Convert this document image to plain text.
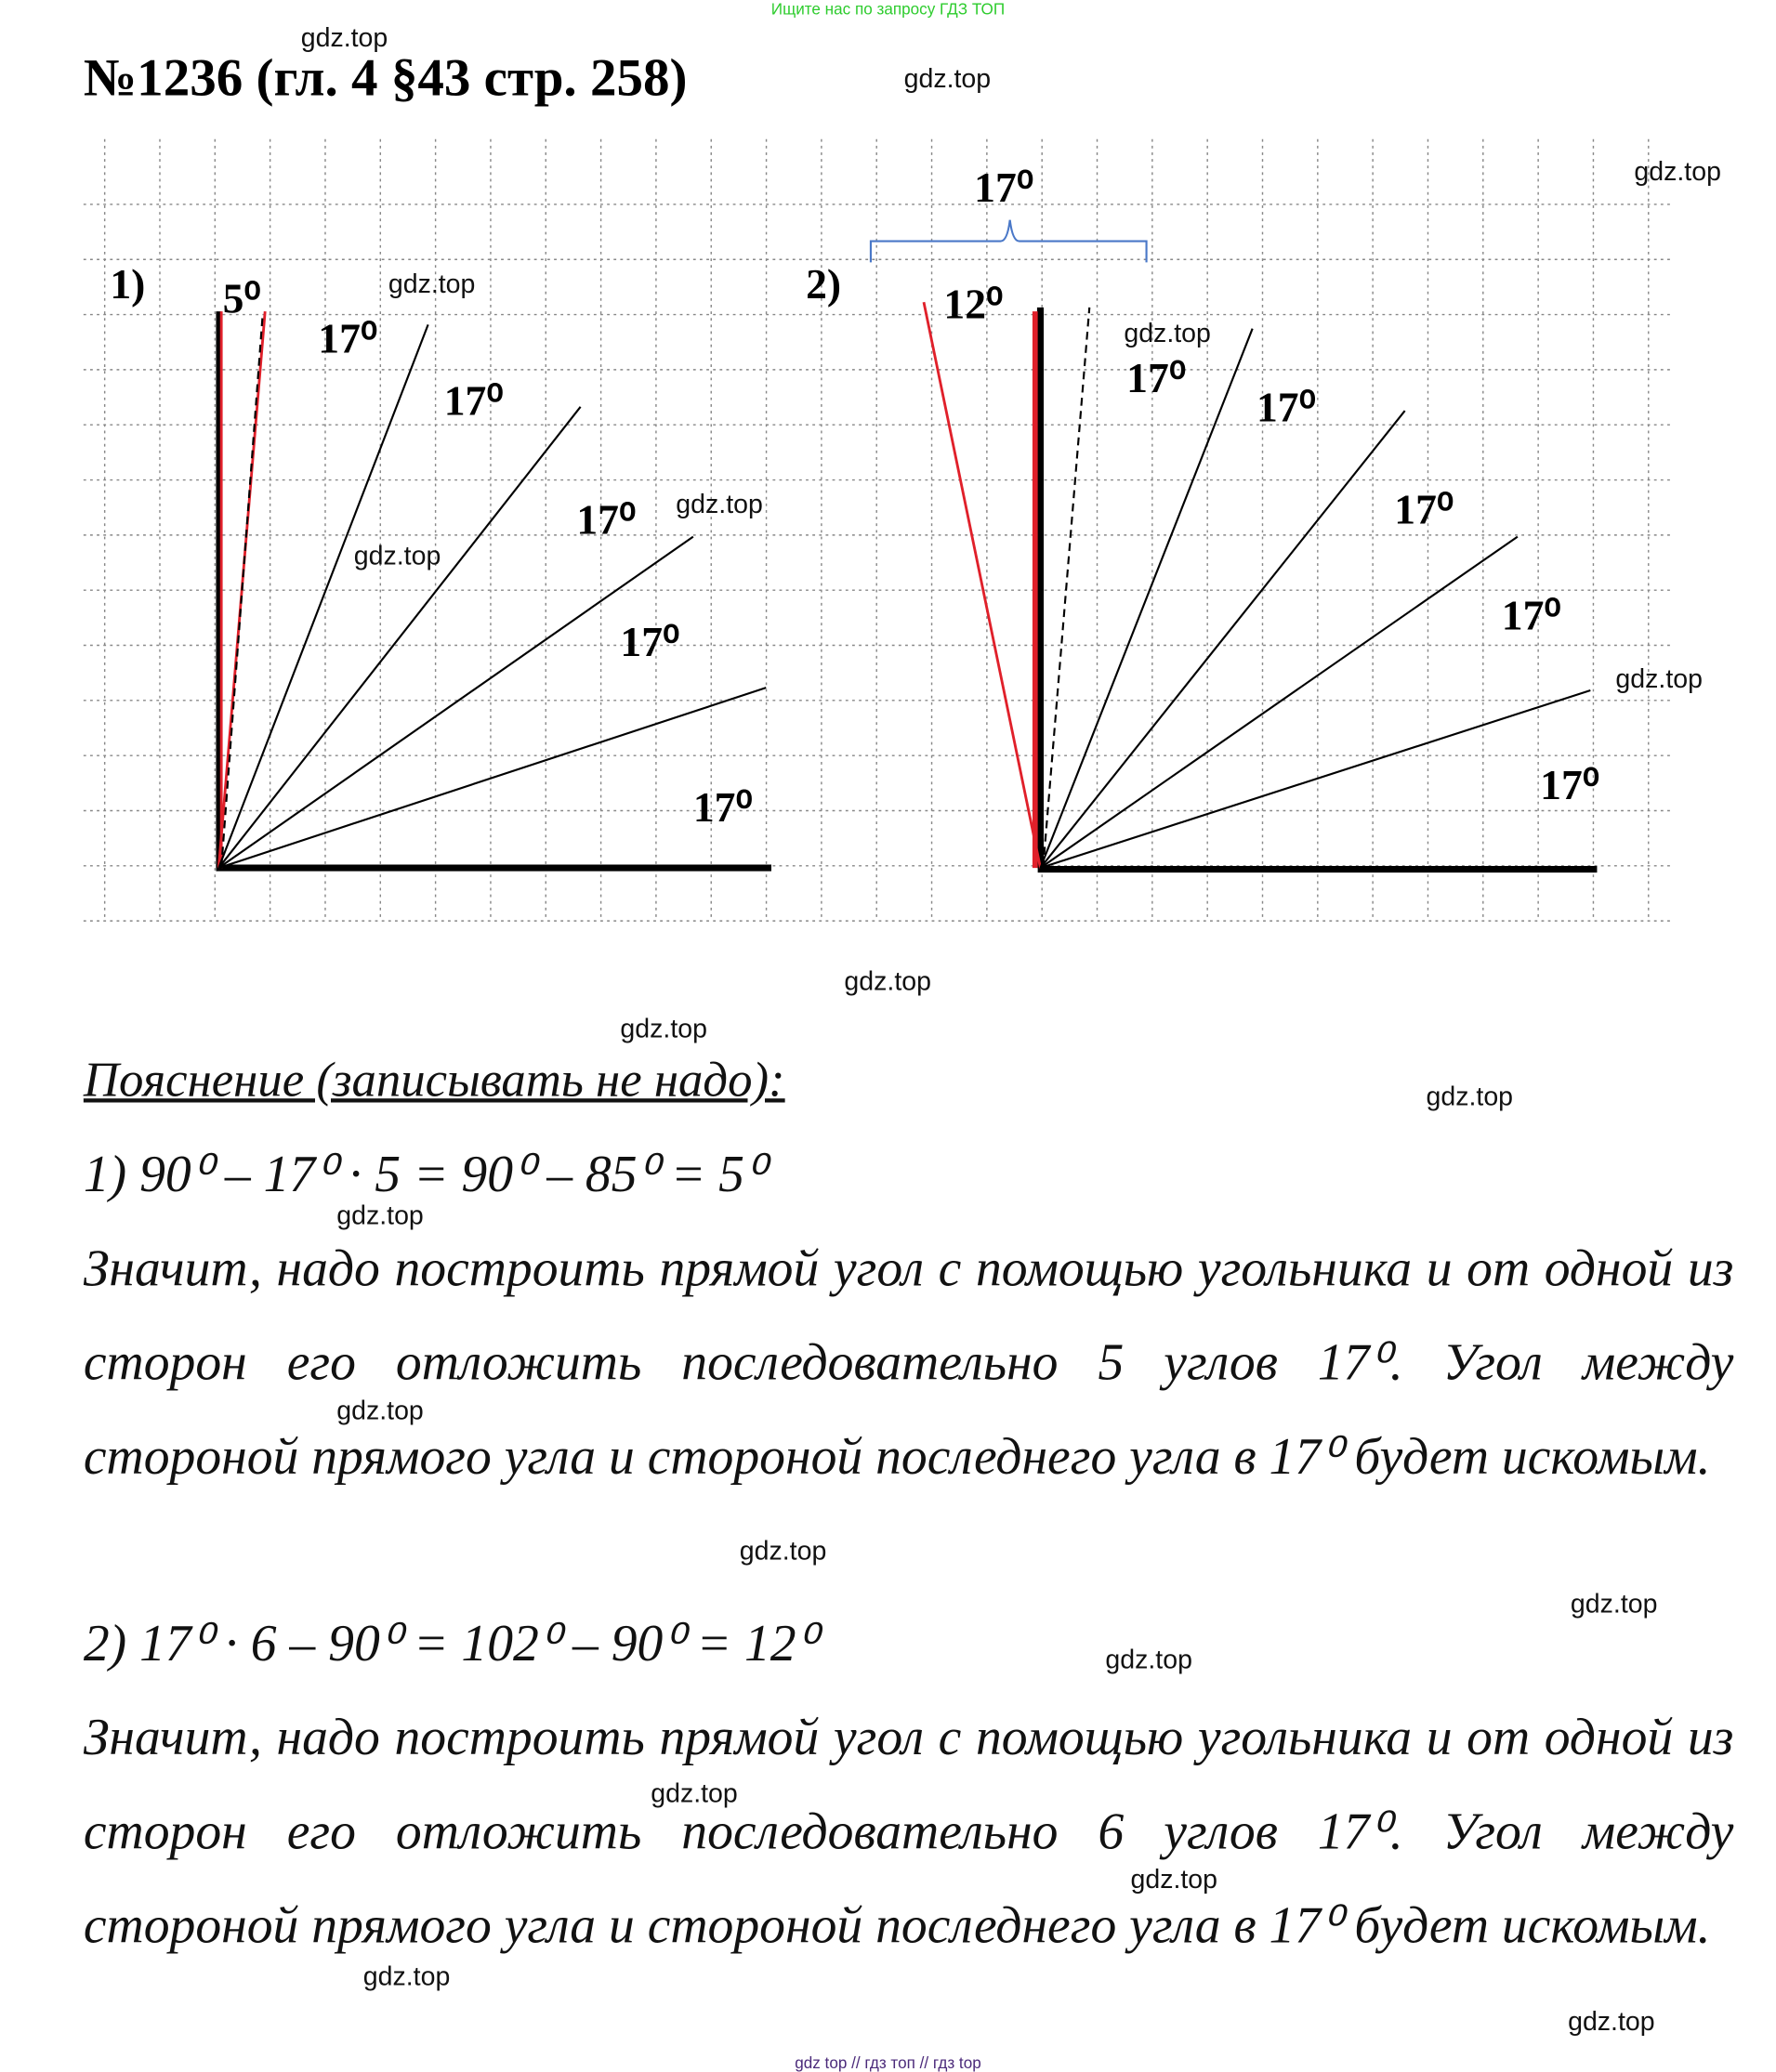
Ищите нас по запросу ГДЗ ТОП
№1236 (гл. 4 §43 стр. 258)
1)	5⁰
17⁰
17⁰
17⁰
17⁰
17⁰
2)
17⁰
12⁰
17⁰
17⁰
17⁰
17⁰
17⁰
Пояснение (записывать не надо):
1) 90⁰ – 17⁰ · 5 = 90⁰ – 85⁰ = 5⁰
Значит, надо построить прямой угол с помощью угольника и от одной из сторон его отложить последовательно 5 углов 17⁰. Угол между стороной прямого угла и стороной последнего угла в 17⁰ будет искомым.
2) 17⁰ · 6 – 90⁰ = 102⁰ – 90⁰ = 12⁰
Значит, надо построить прямой угол с помощью угольника и от одной из сторон его отложить последовательно 6 углов 17⁰. Угол между стороной прямого угла и стороной последнего угла в 17⁰ будет искомым.
gdz.top
gdz.top
gdz.top
gdz.top
gdz.top
gdz.top
gdz.top
gdz.top
gdz.top
gdz.top
gdz.top
gdz.top
gdz.top
gdz.top
gdz.top
gdz.top
gdz.top
gdz.top
gdz.top
gdz.top
gdz top // гдз топ // гдз top
